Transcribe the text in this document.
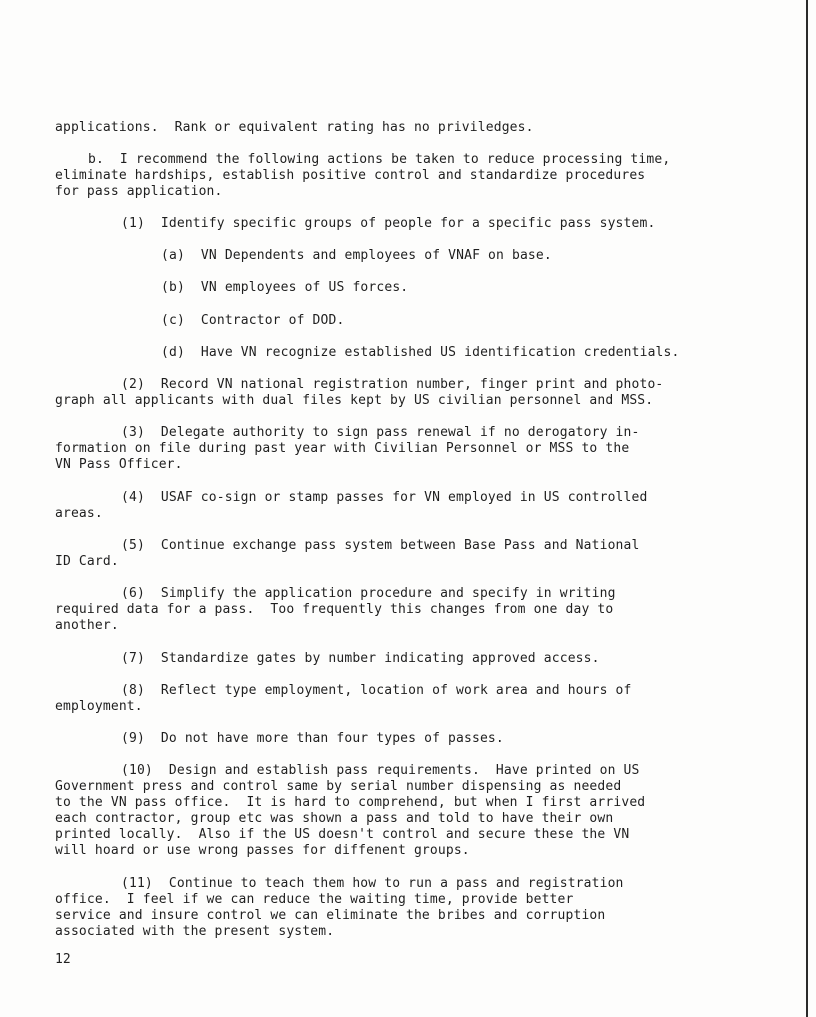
applications.  Rank or equivalent rating has no priviledges.
b.  I recommend the following actions be taken to reduce processing time,
eliminate hardships, establish positive control and standardize procedures
for pass application.
(1)  Identify specific groups of people for a specific pass system.
(a)  VN Dependents and employees of VNAF on base.
(b)  VN employees of US forces.
(c)  Contractor of DOD.
(d)  Have VN recognize established US identification credentials.
(2)  Record VN national registration number, finger print and photo-
graph all applicants with dual files kept by US civilian personnel and MSS.
(3)  Delegate authority to sign pass renewal if no derogatory in-
formation on file during past year with Civilian Personnel or MSS to the
VN Pass Officer.
(4)  USAF co-sign or stamp passes for VN employed in US controlled
areas.
(5)  Continue exchange pass system between Base Pass and National
ID Card.
(6)  Simplify the application procedure and specify in writing
required data for a pass.  Too frequently this changes from one day to
another.
(7)  Standardize gates by number indicating approved access.
(8)  Reflect type employment, location of work area and hours of
employment.
(9)  Do not have more than four types of passes.
(10)  Design and establish pass requirements.  Have printed on US
Government press and control same by serial number dispensing as needed
to the VN pass office.  It is hard to comprehend, but when I first arrived
each contractor, group etc was shown a pass and told to have their own
printed locally.  Also if the US doesn't control and secure these the VN
will hoard or use wrong passes for diffenent groups.
(11)  Continue to teach them how to run a pass and registration
office.  I feel if we can reduce the waiting time, provide better
service and insure control we can eliminate the bribes and corruption
associated with the present system.
12
